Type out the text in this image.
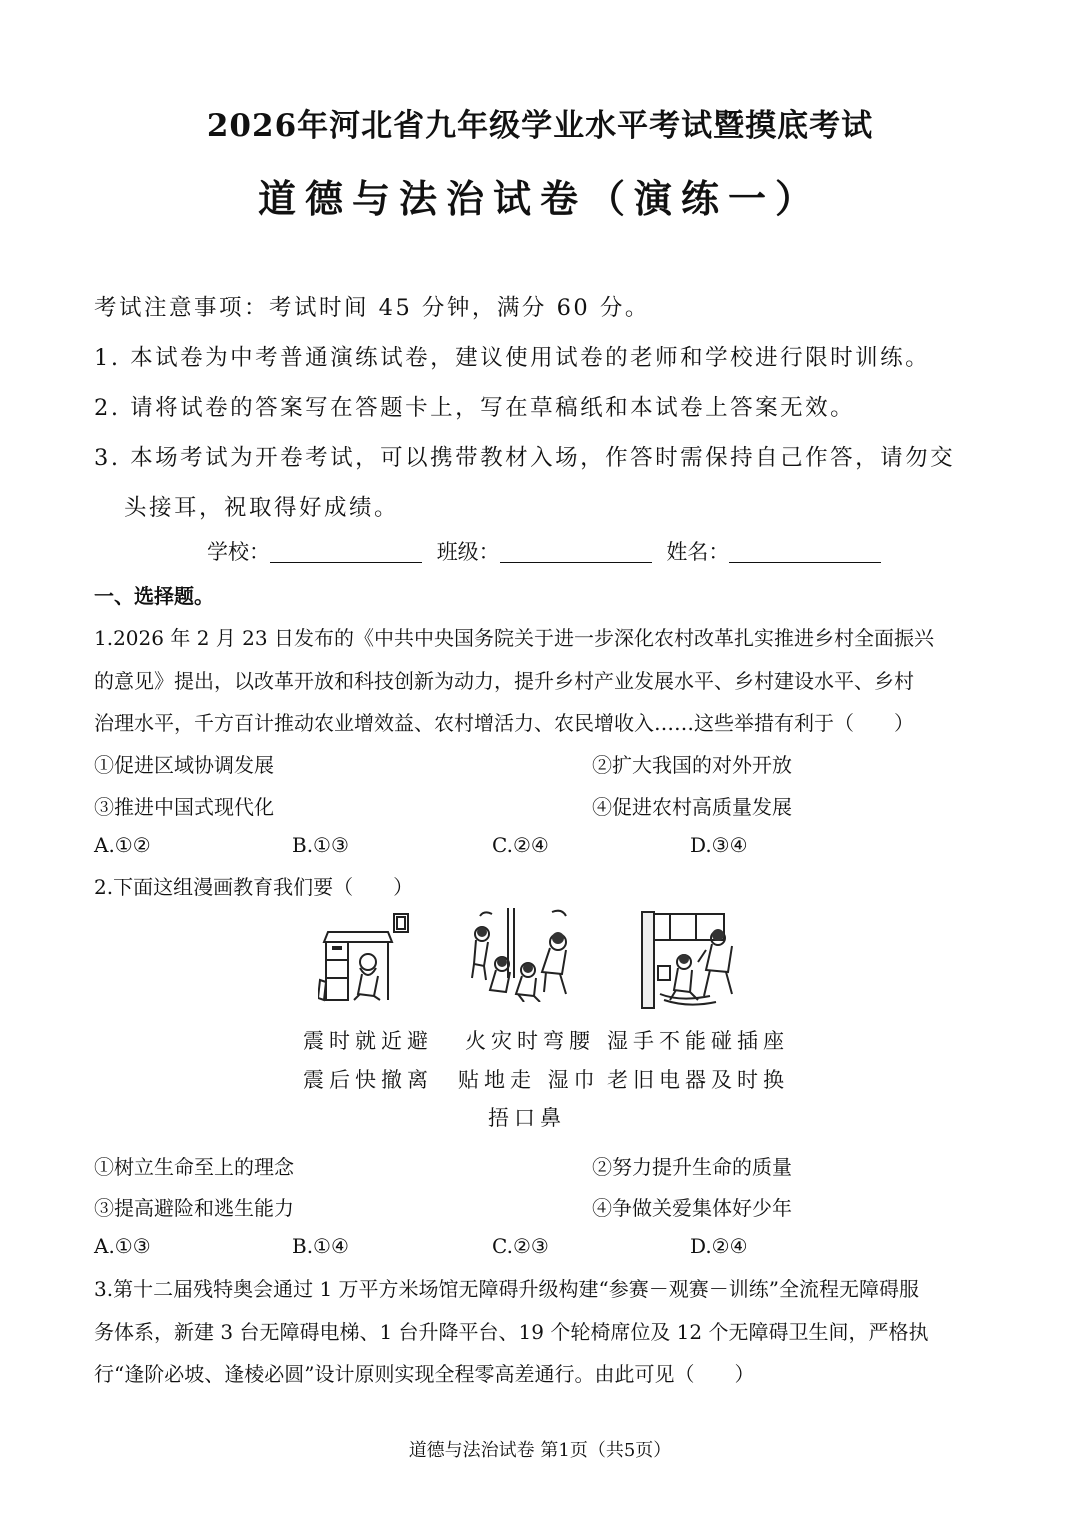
2026年河北省九年级学业水平考试暨摸底考试
道德与法治试卷（演练一）
考试注意事项：考试时间 45 分钟，满分 60 分。
1. 本试卷为中考普通演练试卷，建议使用试卷的老师和学校进行限时训练。
2. 请将试卷的答案写在答题卡上，写在草稿纸和本试卷上答案无效。
3. 本场考试为开卷考试，可以携带教材入场，作答时需保持自己作答，请勿交
头接耳，祝取得好成绩。
学校：	班级：	姓名：
一、选择题。
1.2026 年 2 月 23 日发布的《中共中央国务院关于进一步深化农村改革扎实推进乡村全面振兴
的意见》提出，以改革开放和科技创新为动力，提升乡村产业发展水平、乡村建设水平、乡村
治理水平，千方百计推动农业增效益、农村增活力、农民增收入……这些举措有利于（　　）
①促进区域协调发展	②扩大我国的对外开放
③推进中国式现代化	④促进农村高质量发展
A.①②	B.①③	C.②④	D.③④
2.下面这组漫画教育我们要（　　）
震时就近避
震后快撤离
火灾时弯腰
贴地走 湿巾
捂口鼻
湿手不能碰插座
老旧电器及时换
①树立生命至上的理念	②努力提升生命的质量
③提高避险和逃生能力	④争做关爱集体好少年
A.①③	B.①④	C.②③	D.②④
3.第十二届残特奥会通过 1 万平方米场馆无障碍升级构建“参赛－观赛－训练”全流程无障碍服
务体系，新建 3 台无障碍电梯、1 台升降平台、19 个轮椅席位及 12 个无障碍卫生间，严格执
行“逢阶必坡、逢棱必圆”设计原则实现全程零高差通行。由此可见（　　）
道德与法治试卷 第1页（共5页）
